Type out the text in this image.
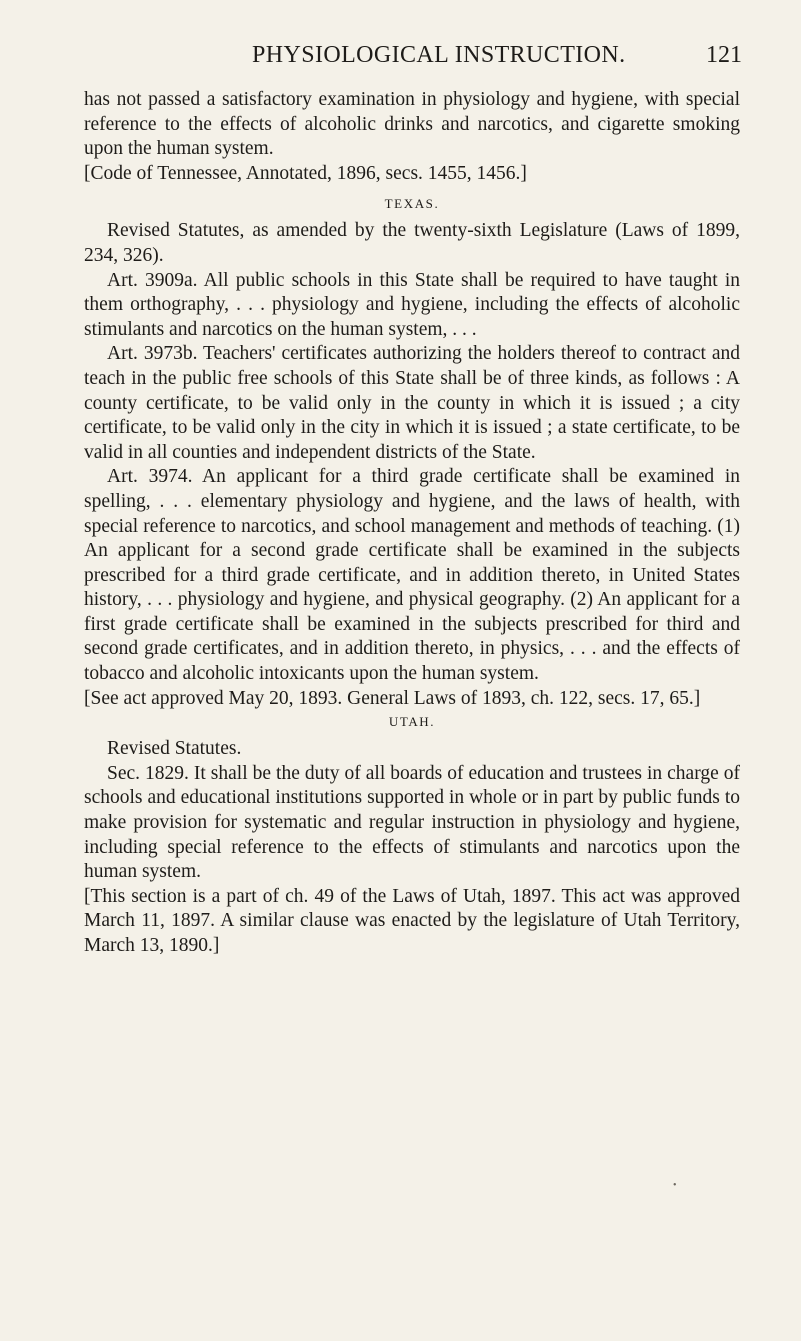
PHYSIOLOGICAL INSTRUCTION.	121

has not passed a satisfactory examination in physiology and hygiene, with special reference to the effects of alcoholic drinks and narcotics, and cigarette smoking upon the human system.

[Code of Tennessee, Annotated, 1896, secs. 1455, 1456.]

TEXAS.

Revised Statutes, as amended by the twenty-sixth Legislature (Laws of 1899, 234, 326).

Art. 3909a. All public schools in this State shall be required to have taught in them orthography, . . . physiology and hygiene, including the effects of alcoholic stimulants and narcotics on the human system, . . .

Art. 3973b. Teachers' certificates authorizing the holders thereof to contract and teach in the public free schools of this State shall be of three kinds, as follows : A county certificate, to be valid only in the county in which it is issued ; a city certificate, to be valid only in the city in which it is issued ; a state certificate, to be valid in all counties and independent districts of the State.

Art. 3974. An applicant for a third grade certificate shall be examined in spelling, . . . elementary physiology and hygiene, and the laws of health, with special reference to narcotics, and school management and methods of teaching. (1) An applicant for a second grade certificate shall be examined in the subjects prescribed for a third grade certificate, and in addition thereto, in United States history, . . . physiology and hygiene, and physical geography. (2) An applicant for a first grade certificate shall be examined in the subjects prescribed for third and second grade certificates, and in addition thereto, in physics, . . . and the effects of tobacco and alcoholic intoxicants upon the human system.

[See act approved May 20, 1893. General Laws of 1893, ch. 122, secs. 17, 65.]

UTAH.

Revised Statutes.

Sec. 1829. It shall be the duty of all boards of education and trustees in charge of schools and educational institutions supported in whole or in part by public funds to make provision for systematic and regular instruction in physiology and hygiene, including special reference to the effects of stimulants and narcotics upon the human system.

[This section is a part of ch. 49 of the Laws of Utah, 1897. This act was approved March 11, 1897. A similar clause was enacted by the legislature of Utah Territory, March 13, 1890.]

•
